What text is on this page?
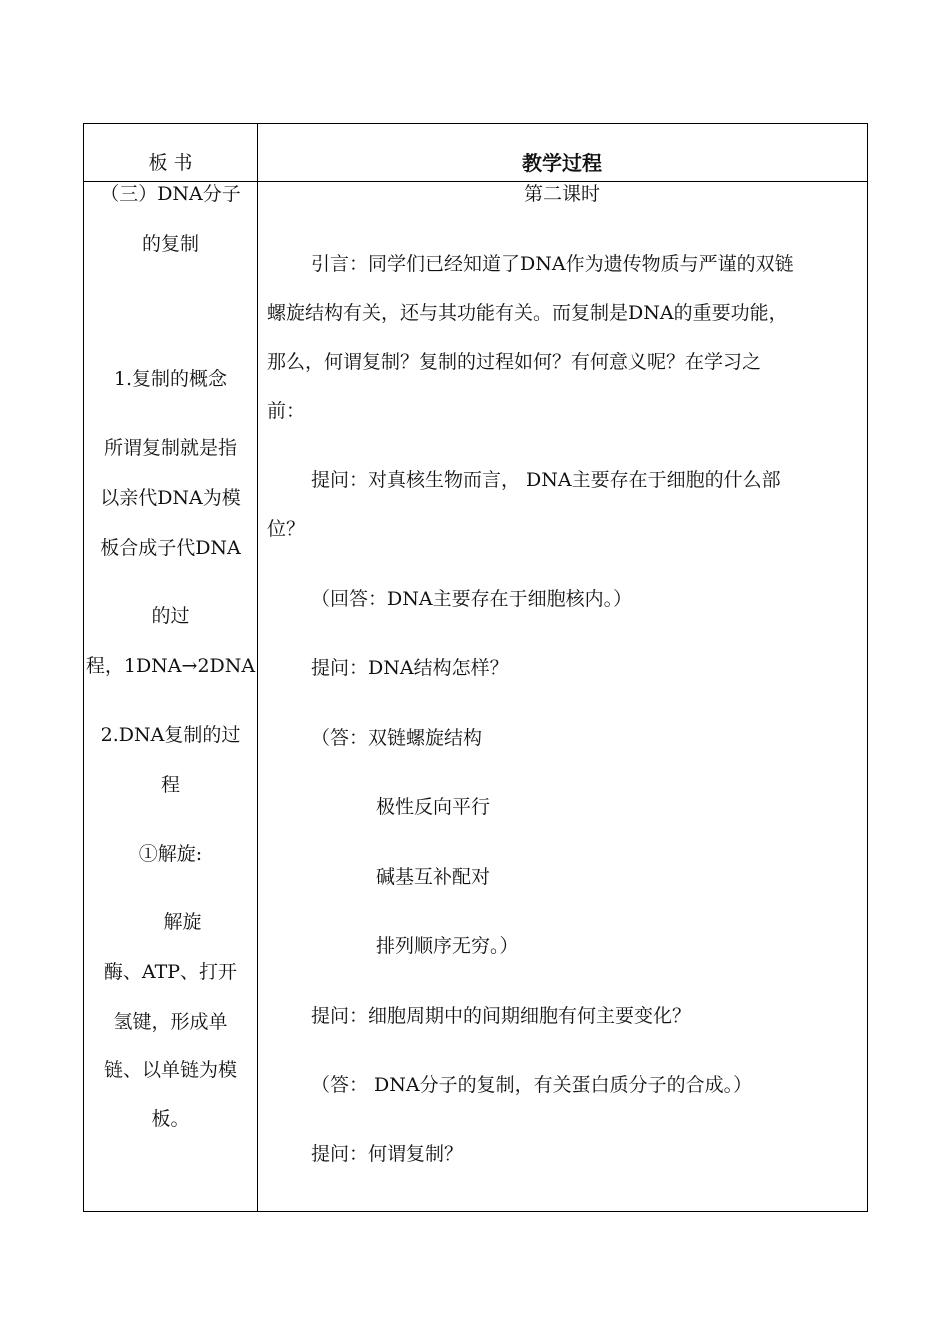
板 书	教学过程
（三）DNA分子
的复制
1.复制的概念
所谓复制就是指
以亲代DNA为模
板合成子代DNA
的过
程，1DNA→2DNA
2.DNA复制的过
程
①解旋:
解旋
酶、ATP、打开
氢键，形成单
链、以单链为模
板。
第二课时
引言：同学们已经知道了DNA作为遗传物质与严谨的双链
螺旋结构有关，还与其功能有关。而复制是DNA的重要功能，
那么，何谓复制？复制的过程如何？有何意义呢？在学习之
前：
提问：对真核生物而言， DNA主要存在于细胞的什么部
位？
（回答：DNA主要存在于细胞核内。）
提问：DNA结构怎样？
（答：双链螺旋结构
极性反向平行
碱基互补配对
排列顺序无穷。）
提问：细胞周期中的间期细胞有何主要变化？
（答： DNA分子的复制，有关蛋白质分子的合成。）
提问：何谓复制？
